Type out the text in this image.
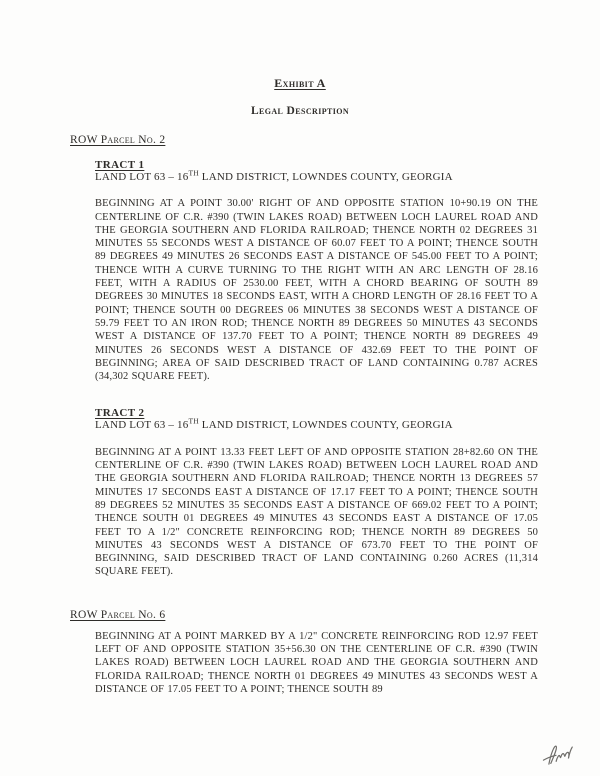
Exhibit A
Legal Description
ROW Parcel No. 2
TRACT 1
LAND LOT 63 – 16TH LAND DISTRICT, LOWNDES COUNTY, GEORGIA
BEGINNING AT A POINT 30.00' RIGHT OF AND OPPOSITE STATION 10+90.19 ON THE CENTERLINE OF C.R. #390 (TWIN LAKES ROAD) BETWEEN LOCH LAUREL ROAD AND THE GEORGIA SOUTHERN AND FLORIDA RAILROAD; THENCE NORTH 02 DEGREES 31 MINUTES 55 SECONDS WEST A DISTANCE OF 60.07 FEET TO A POINT; THENCE SOUTH 89 DEGREES 49 MINUTES 26 SECONDS EAST A DISTANCE OF 545.00 FEET TO A POINT; THENCE WITH A CURVE TURNING TO THE RIGHT WITH AN ARC LENGTH OF 28.16 FEET, WITH A RADIUS OF 2530.00 FEET, WITH A CHORD BEARING OF SOUTH 89 DEGREES 30 MINUTES 18 SECONDS EAST, WITH A CHORD LENGTH OF 28.16 FEET TO A POINT; THENCE SOUTH 00 DEGREES 06 MINUTES 38 SECONDS WEST A DISTANCE OF 59.79 FEET TO AN IRON ROD; THENCE NORTH 89 DEGREES 50 MINUTES 43 SECONDS WEST A DISTANCE OF 137.70 FEET TO A POINT; THENCE NORTH 89 DEGREES 49 MINUTES 26 SECONDS WEST A DISTANCE OF 432.69 FEET TO THE POINT OF BEGINNING; AREA OF SAID DESCRIBED TRACT OF LAND CONTAINING 0.787 ACRES (34,302 SQUARE FEET).
TRACT 2
LAND LOT 63 – 16TH LAND DISTRICT, LOWNDES COUNTY, GEORGIA
BEGINNING AT A POINT 13.33 FEET LEFT OF AND OPPOSITE STATION 28+82.60 ON THE CENTERLINE OF C.R. #390 (TWIN LAKES ROAD) BETWEEN LOCH LAUREL ROAD AND THE GEORGIA SOUTHERN AND FLORIDA RAILROAD; THENCE NORTH 13 DEGREES 57 MINUTES 17 SECONDS EAST A DISTANCE OF 17.17 FEET TO A POINT; THENCE SOUTH 89 DEGREES 52 MINUTES 35 SECONDS EAST A DISTANCE OF 669.02 FEET TO A POINT; THENCE SOUTH 01 DEGREES 49 MINUTES 43 SECONDS EAST A DISTANCE OF 17.05 FEET TO A 1/2" CONCRETE REINFORCING ROD; THENCE NORTH 89 DEGREES 50 MINUTES 43 SECONDS WEST A DISTANCE OF 673.70 FEET TO THE POINT OF BEGINNING, SAID DESCRIBED TRACT OF LAND CONTAINING 0.260 ACRES (11,314 SQUARE FEET).
ROW Parcel No. 6
BEGINNING AT A POINT MARKED BY A 1/2" CONCRETE REINFORCING ROD 12.97 FEET LEFT OF AND OPPOSITE STATION 35+56.30 ON THE CENTERLINE OF C.R. #390 (TWIN LAKES ROAD) BETWEEN LOCH LAUREL ROAD AND THE GEORGIA SOUTHERN AND FLORIDA RAILROAD; THENCE NORTH 01 DEGREES 49 MINUTES 43 SECONDS WEST A DISTANCE OF 17.05 FEET TO A POINT; THENCE SOUTH 89
